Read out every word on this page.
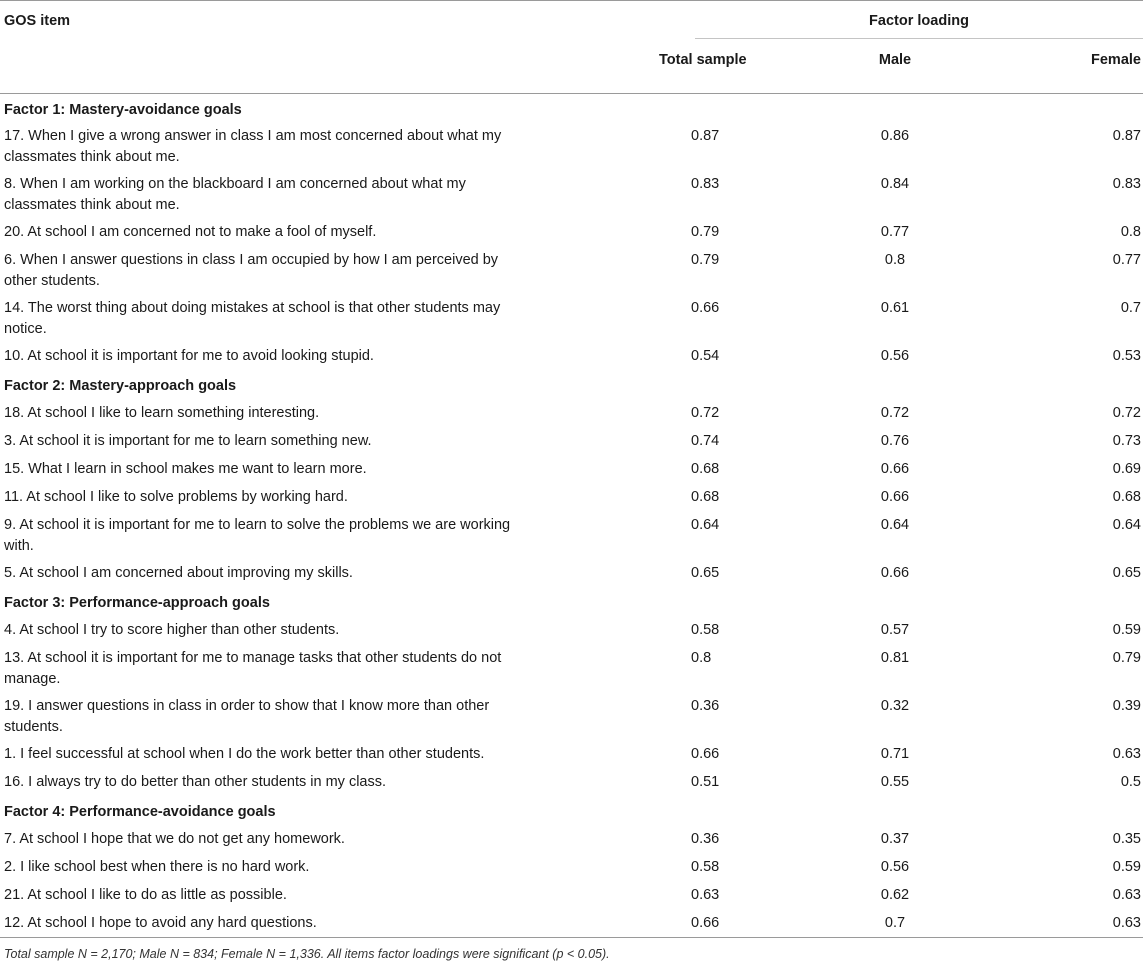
GOS item	Factor loading		

	Total sample	Male	Female
Factor 1: Mastery-avoidance goals			
17. When I give a wrong answer in class I am most concerned about what my classmates think about me.	0.87	0.86	0.87
8. When I am working on the blackboard I am concerned about what my classmates think about me.	0.83	0.84	0.83
20. At school I am concerned not to make a fool of myself.	0.79	0.77	0.8
6. When I answer questions in class I am occupied by how I am perceived by other students.	0.79	0.8	0.77
14. The worst thing about doing mistakes at school is that other students may notice.	0.66	0.61	0.7
10. At school it is important for me to avoid looking stupid.	0.54	0.56	0.53
Factor 2: Mastery-approach goals			
18. At school I like to learn something interesting.	0.72	0.72	0.72
3. At school it is important for me to learn something new.	0.74	0.76	0.73
15. What I learn in school makes me want to learn more.	0.68	0.66	0.69
11. At school I like to solve problems by working hard.	0.68	0.66	0.68
9. At school it is important for me to learn to solve the problems we are working with.	0.64	0.64	0.64
5. At school I am concerned about improving my skills.	0.65	0.66	0.65
Factor 3: Performance-approach goals			
4. At school I try to score higher than other students.	0.58	0.57	0.59
13. At school it is important for me to manage tasks that other students do not manage.	0.8	0.81	0.79
19. I answer questions in class in order to show that I know more than other students.	0.36	0.32	0.39
1. I feel successful at school when I do the work better than other students.	0.66	0.71	0.63
16. I always try to do better than other students in my class.	0.51	0.55	0.5
Factor 4: Performance-avoidance goals			
7. At school I hope that we do not get any homework.	0.36	0.37	0.35
2. I like school best when there is no hard work.	0.58	0.56	0.59
21. At school I like to do as little as possible.	0.63	0.62	0.63
12. At school I hope to avoid any hard questions.	0.66	0.7	0.63

Total sample N = 2,170; Male N = 834; Female N = 1,336. All items factor loadings were significant (p < 0.05).
